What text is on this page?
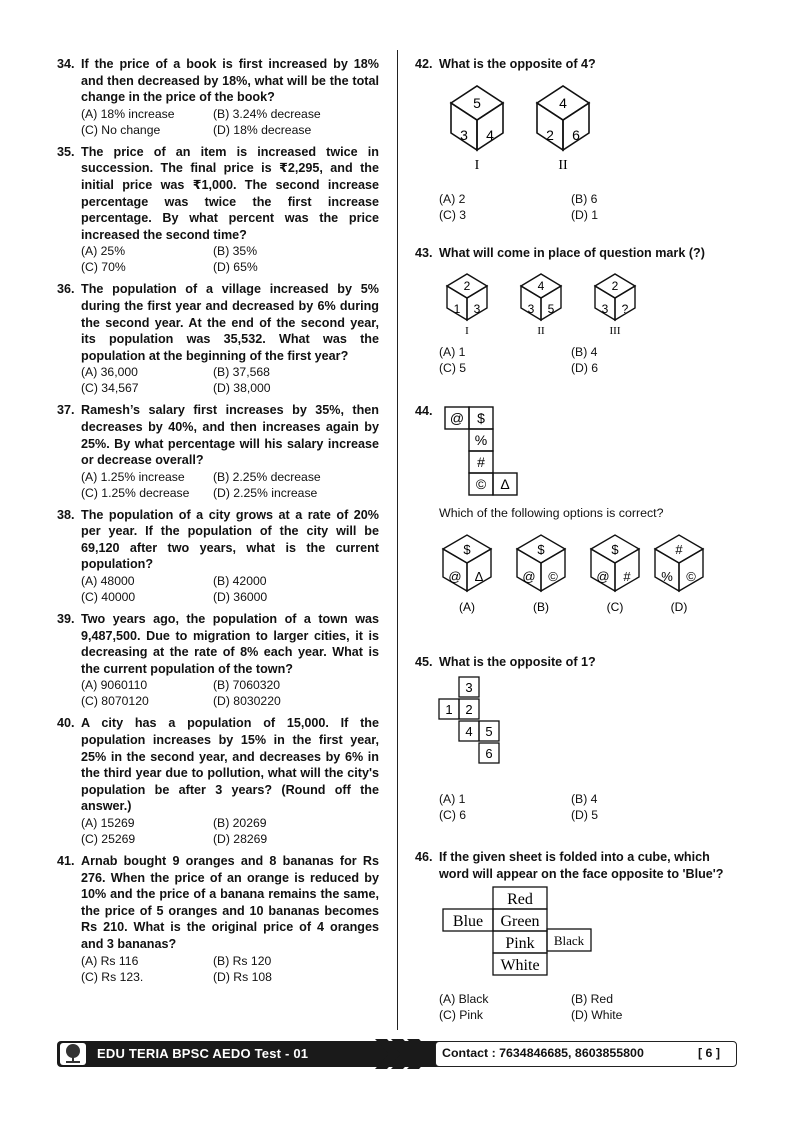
34. If the price of a book is first increased by 18% and then decreased by 18%, what will be the total change in the price of the book?
(A) 18% increase	(B) 3.24% decrease
(C) No change	(D) 18% decrease
35. The price of an item is increased twice in succession. The final price is ₹2,295, and the initial price was ₹1,000. The second increase percentage was twice the first increase percentage. By what percent was the price increased the second time?
(A) 25%	(B) 35%
(C) 70%	(D) 65%
36. The population of a village increased by 5% during the first year and decreased by 6% during the second year. At the end of the second year, its population was 35,532. What was the population at the beginning of the first year?
(A) 36,000	(B) 37,568
(C) 34,567	(D) 38,000
37. Ramesh’s salary first increases by 35%, then decreases by 40%, and then increases again by 25%. By what percentage will his salary increase or decrease overall?
(A) 1.25% increase	(B) 2.25% decrease
(C) 1.25% decrease	(D) 2.25% increase
38. The population of a city grows at a rate of 20% per year. If the population of the city will be 69,120 after two years, what is the current population?
(A) 48000	(B) 42000
(C) 40000	(D) 36000
39. Two years ago, the population of a town was 9,487,500. Due to migration to larger cities, it is decreasing at the rate of 8% each year. What is the current population of the town?
(A) 9060110	(B) 7060320
(C) 8070120	(D) 8030220
40. A city has a population of 15,000. If the population increases by 15% in the first year, 25% in the second year, and decreases by 6% in the third year due to pollution, what will the city's population be after 3 years? (Round off the answer.)
(A) 15269	(B) 20269
(C) 25269	(D) 28269
41. Arnab bought 9 oranges and 8 bananas for Rs 276. When the price of an orange is reduced by 10% and the price of a banana remains the same, the price of 5 oranges and 10 bananas becomes Rs 210. What is the original price of 4 oranges and 3 bananas?
(A) Rs 116	(B) Rs 120
(C) Rs 123.	(D) Rs 108
42. What is the opposite of 4?
5
3 4
I
4
2 6
II
(A) 2	(B) 6
(C) 3	(D) 1
43. What will come in place of question mark (?)
2
1 3
I
4
3 5
II
2
3 ?
III
(A) 1	(B) 4
(C) 5	(D) 6
44. @ $
%
#
© Δ
Which of the following options is correct?
$
@ Δ
(A)
$
@ ©
(B)
$
@ #
(C)
#
% ©
(D)
45. What is the opposite of 1?
3
1 2
4 5
6
(A) 1	(B) 4
(C) 6	(D) 5
46. If the given sheet is folded into a cube, which word will appear on the face opposite to 'Blue'?
Red
Blue Green
Pink Black
White
(A) Black	(B) Red
(C) Pink	(D) White
EDU TERIA BPSC AEDO Test - 01	Contact : 7634846685, 8603855800	[ 6 ]
